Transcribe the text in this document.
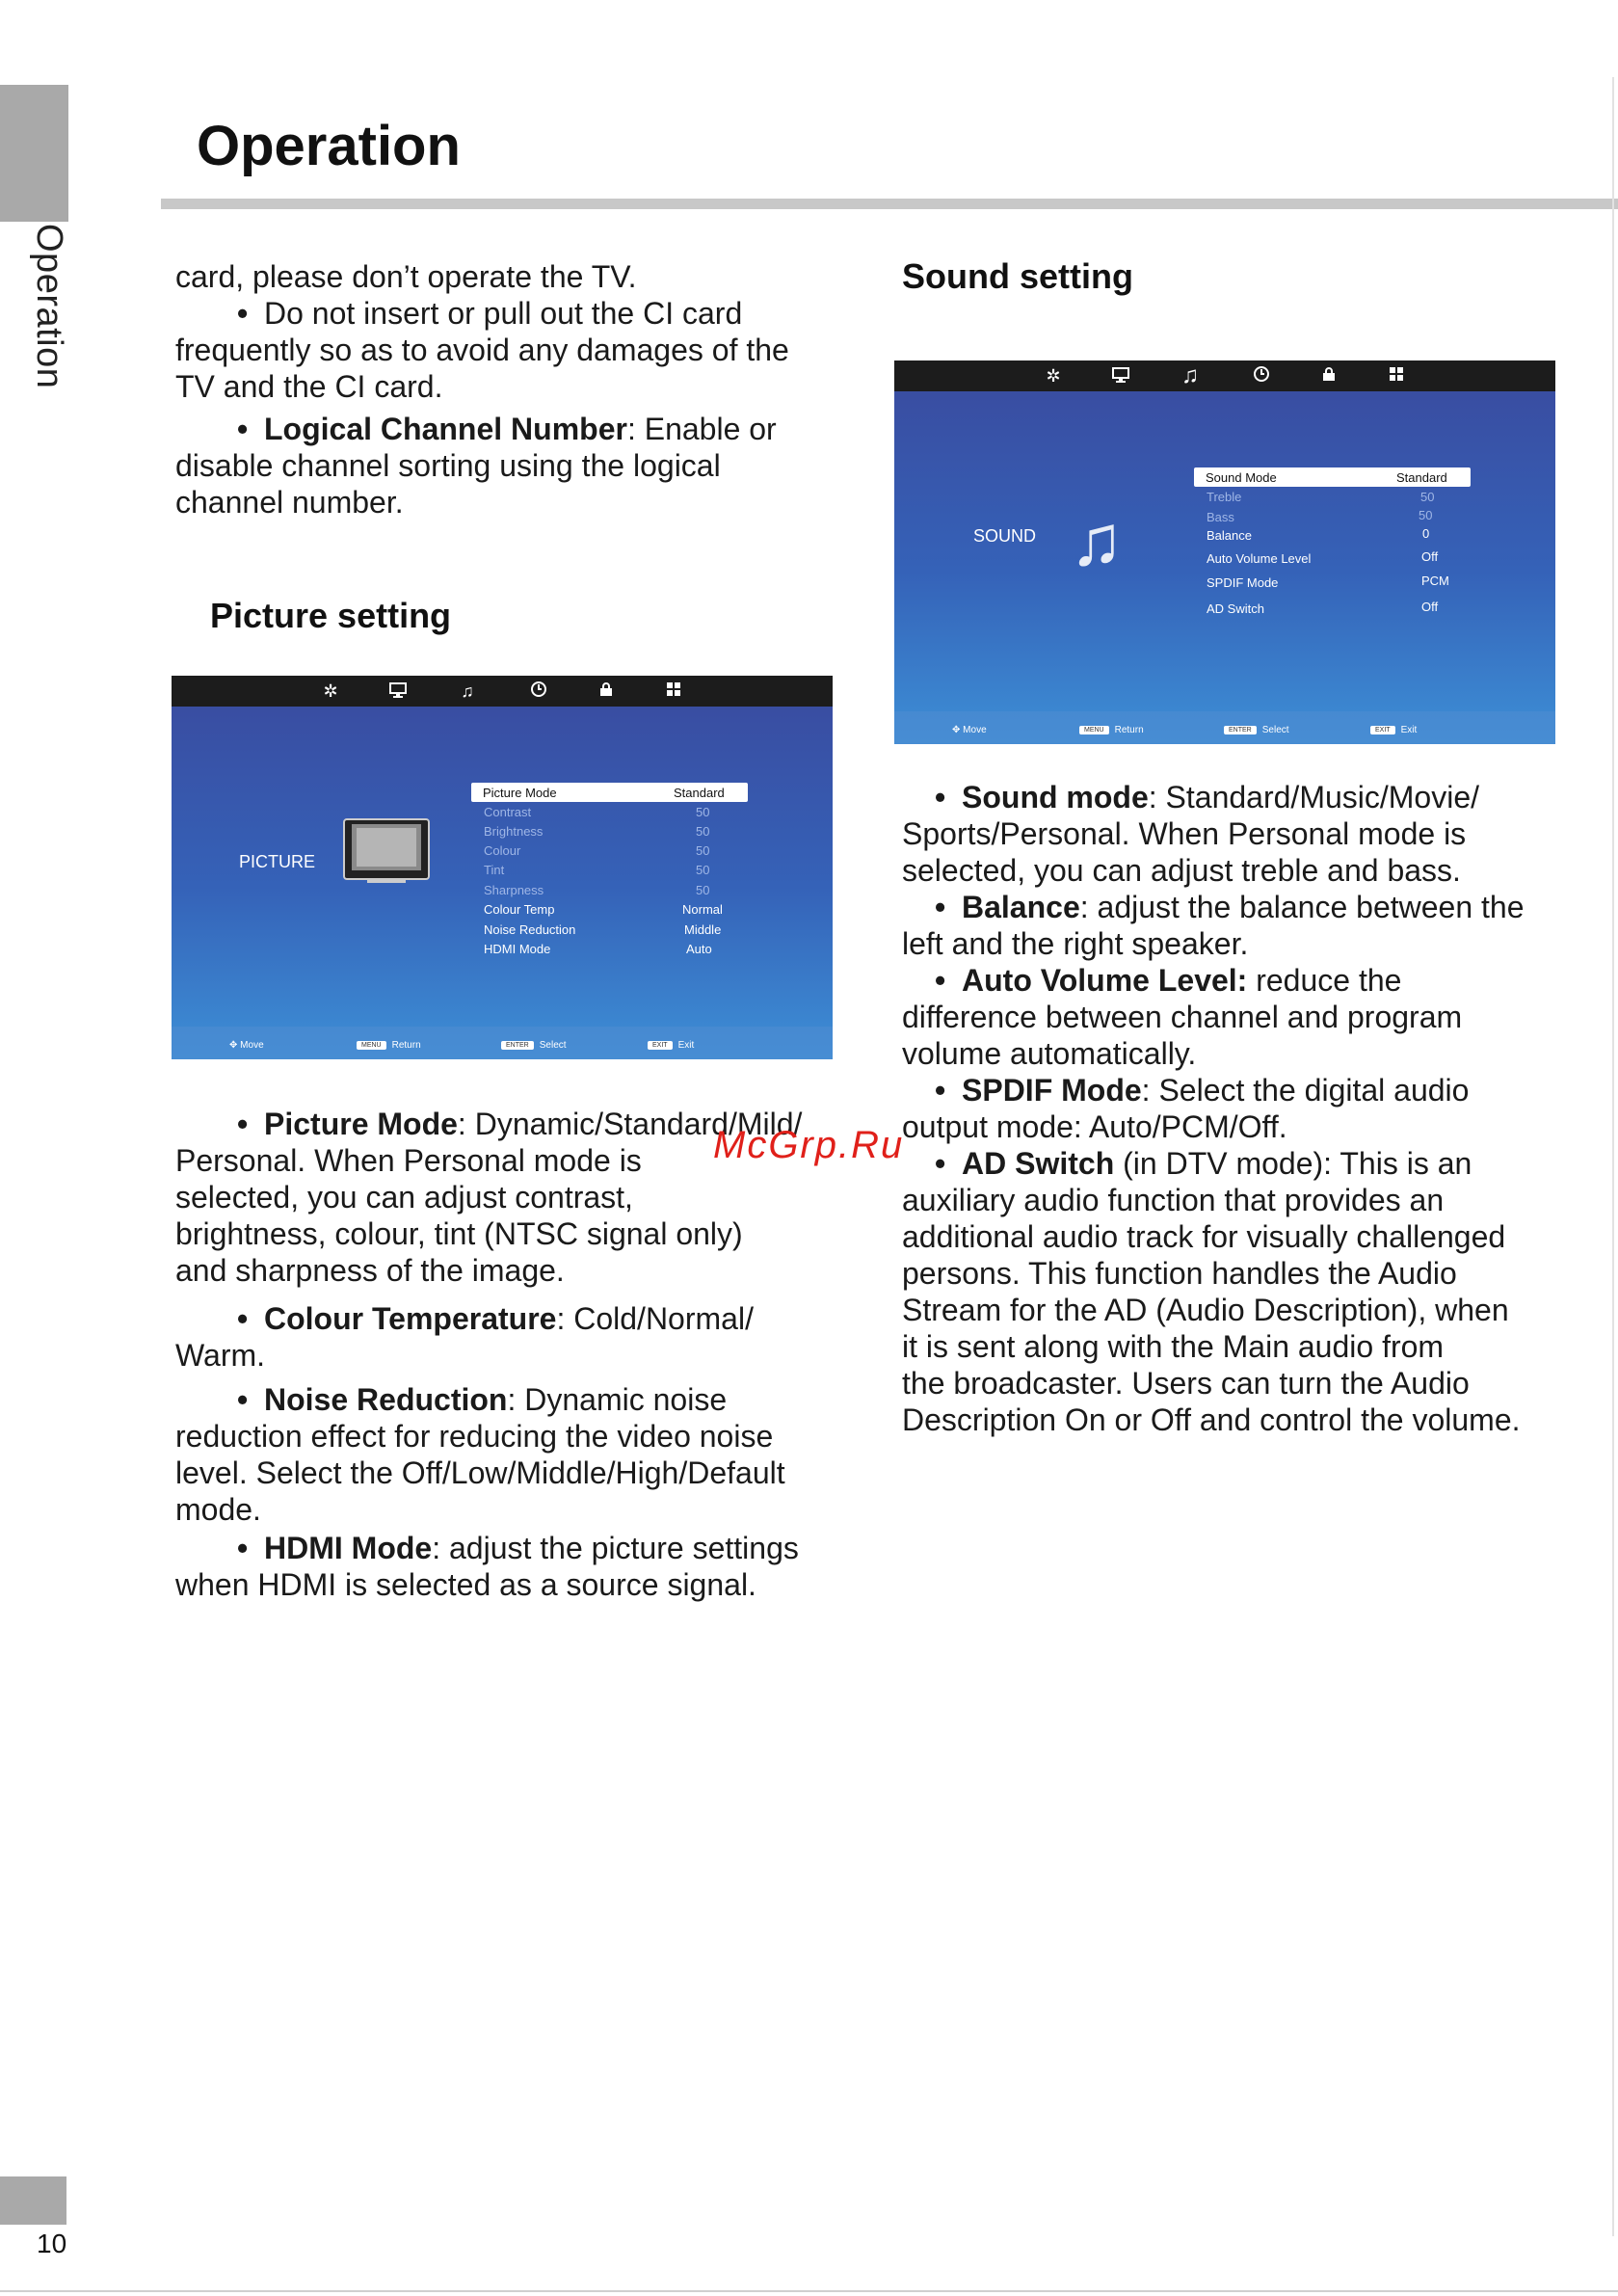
Operation
Operation

card, please don’t operate the TV.

• Do not insert or pull out the CI card
frequently so as to avoid any damages of the
TV and the CI card.
• Logical Channel Number: Enable or
disable channel sorting using the logical
channel number.
Picture setting
✲	♫
PICTURE
Picture Mode	Standard
Contrast	50
Brightness	50
Colour	50
Tint	50
Sharpness	50
Colour Temp	Normal
Noise Reduction	Middle
HDMI Mode	Auto
✥ Move	MENU Return	ENTER Select	EXIT Exit
• Picture Mode: Dynamic/Standard/Mild/
Personal. When Personal mode is
selected, you can adjust contrast,
brightness, colour, tint (NTSC signal only)
and sharpness of the image.
• Colour Temperature: Cold/Normal/
Warm.
• Noise Reduction: Dynamic noise
reduction effect for reducing the video noise
level. Select the Off/Low/Middle/High/Default
mode.
• HDMI Mode: adjust the picture settings
when HDMI is selected as a source signal.
Sound setting
✲	♫
SOUND ♫
Sound Mode	Standard
Treble	50
Bass	50
Balance	0
Auto Volume Level	Off
SPDIF Mode	PCM
AD Switch	Off
✥ Move	MENU Return	ENTER Select	EXIT Exit
• Sound mode: Standard/Music/Movie/
Sports/Personal. When Personal mode is
selected, you can adjust treble and bass.
• Balance: adjust the balance between the
left and the right speaker.
• Auto Volume Level: reduce the
difference between channel and program
volume automatically.
• SPDIF Mode: Select the digital audio
output mode: Auto/PCM/Off.
• AD Switch (in DTV mode): This is an
auxiliary audio function that provides an
additional audio track for visually challenged
persons. This function handles the Audio
Stream for the AD (Audio Description), when
it is sent along with the Main audio from
the broadcaster. Users can turn the Audio
Description On or Off and control the volume.
McGrp.Ru
10
